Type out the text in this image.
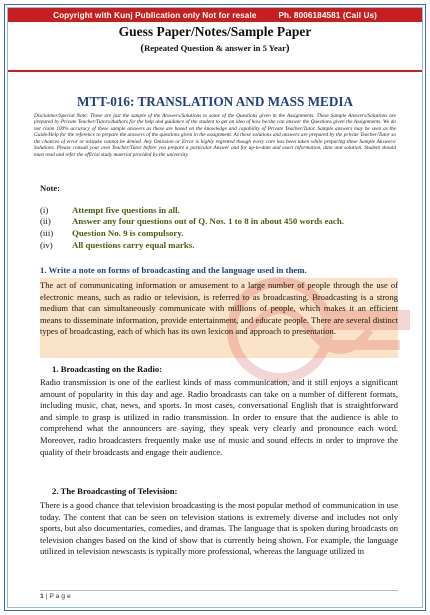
Copyright with Kunj Publication only Not for resale	Ph. 8006184581 (Call Us)
Guess Paper/Notes/Sample Paper
(Repeated Question & answer in 5 Year)
MTT-016: TRANSLATION AND MASS MEDIA
Disclaimer/Special Note: These are just the sample of the Answers/Solutions to some of the Questions given in the Assignments. These Sample Answers/Solutions are prepared by Private Teacher/Tutors/Authors for the help and guidance of the student to get an idea of how he/she can answer the Questions given the Assignments. We do not claim 100% accuracy of these sample answers as these are based on the knowledge and capability of Private Teacher/Tutor. Sample answers may be seen as the Guide/Help for the reference to prepare the answers of the questions given in the assignment. As these solutions and answers are prepared by the private Teacher/Tutor so the chances of error or mistake cannot be denied. Any Omission or Error is highly regretted though every care has been taken while preparing these Sample Answers/ Solutions. Please consult your own Teacher/Tutor before you prepare a particular Answer and for up-to-date and exact information, data and solution. Student should must read and refer the official study material provided by the university.
Note:
(i)	Attempt five questions in all.
(ii)	Answer any four questions out of Q. Nos. 1 to 8 in about 450 words each.
(iii)	Question No. 9 is compulsory.
(iv)	All questions carry equal marks.
1. Write a note on forms of broadcasting and the language used in them.
The act of communicating information or amusement to a large number of people through the use of electronic means, such as radio or television, is referred to as broadcasting. Broadcasting is a strong medium that can simultaneously communicate with millions of people, which makes it an efficient means to disseminate information, provide entertainment, and educate people. There are several distinct types of broadcasting, each of which has its own lexicon and approach to presentation.
1. Broadcasting on the Radio:
Radio transmission is one of the earliest kinds of mass communication, and it still enjoys a significant amount of popularity in this day and age. Radio broadcasts can take on a number of different formats, including music, chat, news, and sports. In most cases, conversational English that is straightforward and simple to grasp is utilized in radio transmission. In order to ensure that the audience is able to comprehend what the announcers are saying, they speak very clearly and pronounce each word. Moreover, radio broadcasters frequently make use of music and sound effects in order to improve the quality of their broadcasts and engage their audience.
2. The Broadcasting of Television:
There is a good chance that television broadcasting is the most popular method of communication in use today. The content that can be seen on television stations is extremely diverse and includes not only sports, but also documentaries, comedies, and dramas. The language that is spoken during broadcasts on television changes based on the kind of show that is currently being shown. For example, the language utilized in television newscasts is typically more professional, whereas the language utilized in
1 | P a g e
